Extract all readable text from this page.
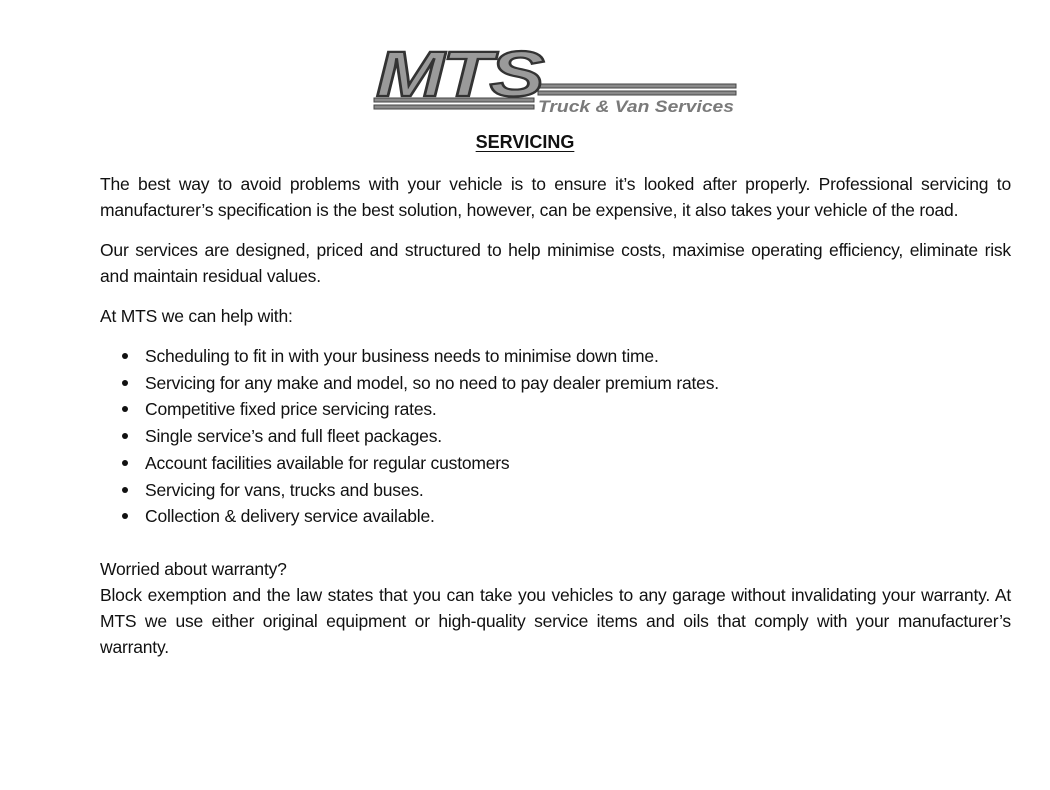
MTS
Truck & Van Services
SERVICING

The best way to avoid problems with your vehicle is to ensure it’s looked after properly. Professional servicing to manufacturer’s specification is the best solution, however, can be expensive, it also takes your vehicle of the road.

Our services are designed, priced and structured to help minimise costs, maximise operating efficiency, eliminate risk and maintain residual values.

At MTS we can help with:

Scheduling to fit in with your business needs to minimise down time.
Servicing for any make and model, so no need to pay dealer premium rates.
Competitive fixed price servicing rates.
Single service’s and full fleet packages.
Account facilities available for regular customers
Servicing for vans, trucks and buses.
Collection & delivery service available.

Worried about warranty?

Block exemption and the law states that you can take you vehicles to any garage without invalidating your warranty. At MTS we use either original equipment or high-quality service items and oils that comply with your manufacturer’s warranty.
